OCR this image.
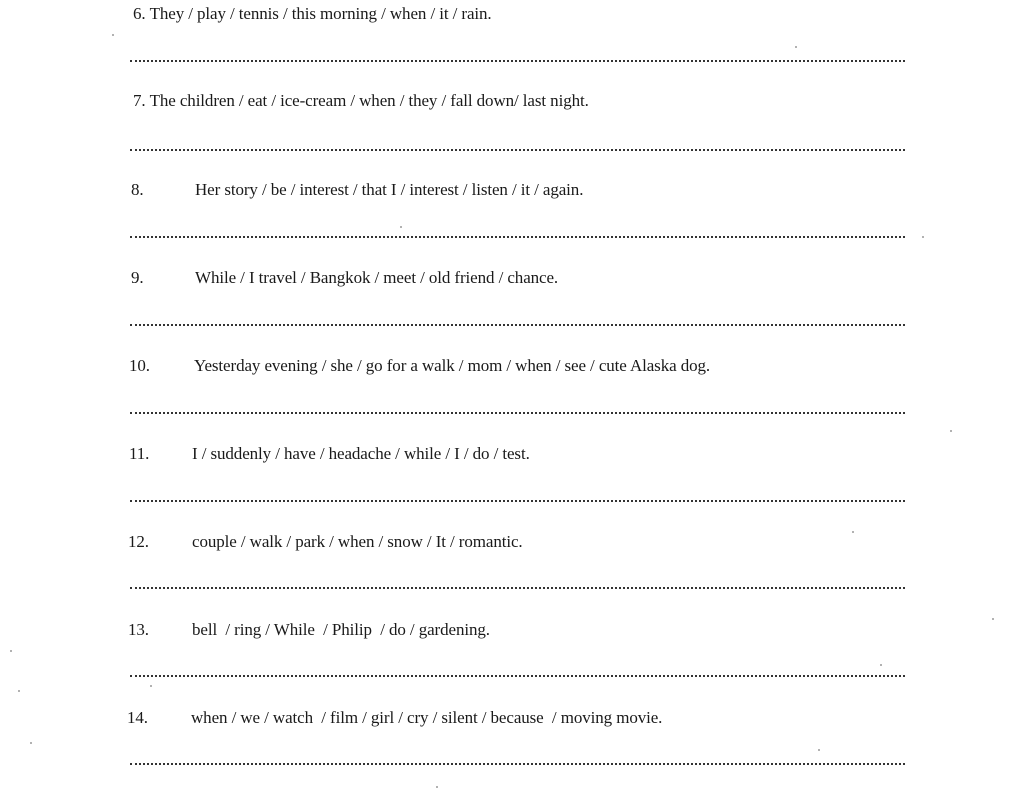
6. They / play / tennis / this morning / when / it / rain.
7. The children / eat / ice-cream / when / they / fall down/ last night.
8.	Her story / be / interest / that I / interest / listen / it / again.
9.	While / I travel / Bangkok / meet / old friend / chance.
10.	Yesterday evening / she / go for a walk / mom / when / see / cute Alaska dog.
11.	I / suddenly / have / headache / while / I / do / test.
12.	couple / walk / park / when / snow / It / romantic.
13.	bell  / ring / While  / Philip  / do / gardening.
14.	when / we / watch  / film / girl / cry / silent / because  / moving movie.
